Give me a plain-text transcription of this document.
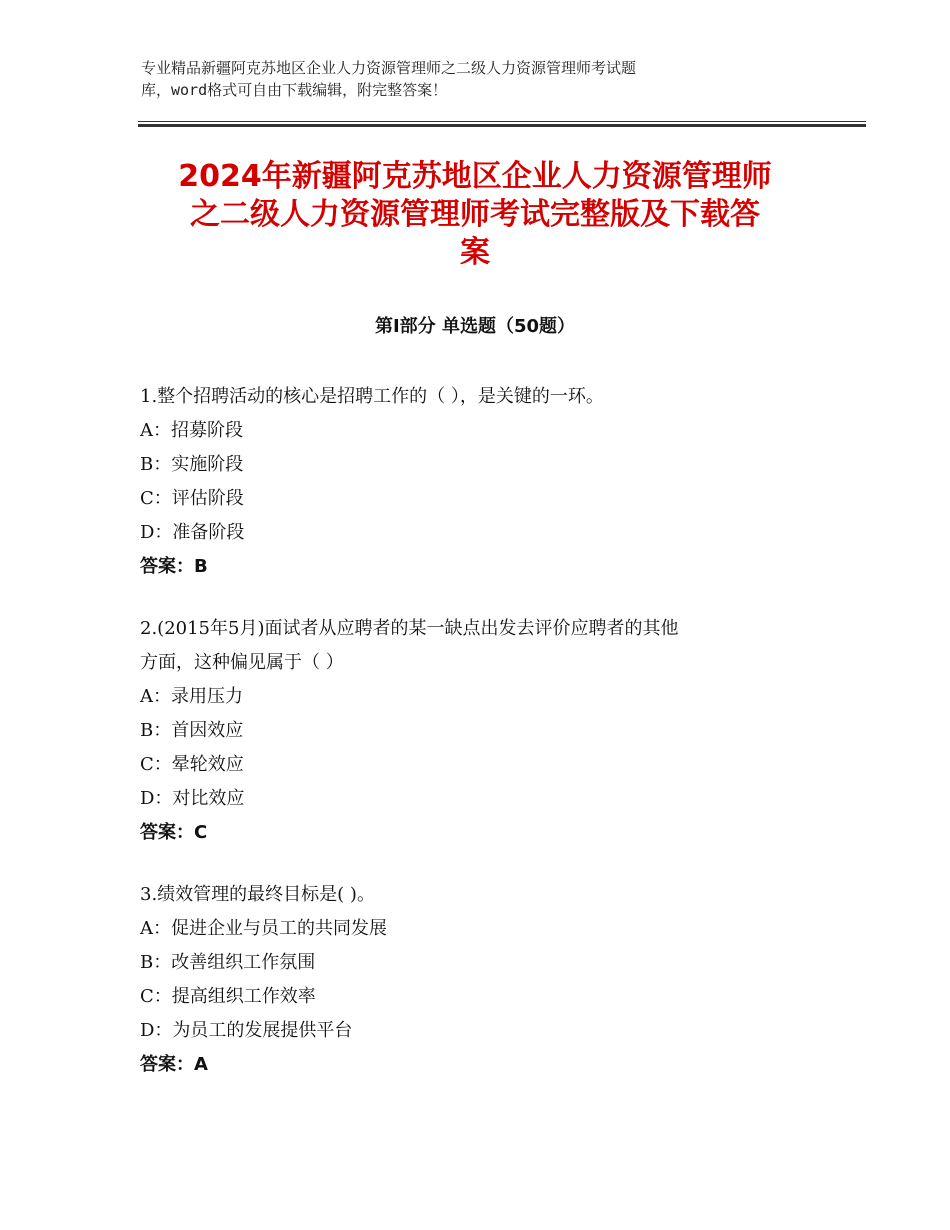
专业精品新疆阿克苏地区企业人力资源管理师之二级人力资源管理师考试题
库，word格式可自由下载编辑，附完整答案！
2024年新疆阿克苏地区企业人力资源管理师
之二级人力资源管理师考试完整版及下载答
案
第Ⅰ部分 单选题（50题）
1.整个招聘活动的核心是招聘工作的（ ），是关键的一环。
A：招募阶段
B：实施阶段
C：评估阶段
D：准备阶段
答案：B
2.(2015年5月)面试者从应聘者的某一缺点出发去评价应聘者的其他
方面，这种偏见属于（ ）
A：录用压力
B：首因效应
C：晕轮效应
D：对比效应
答案：C
3.绩效管理的最终目标是( )。
A：促进企业与员工的共同发展
B：改善组织工作氛围
C：提高组织工作效率
D：为员工的发展提供平台
答案：A
